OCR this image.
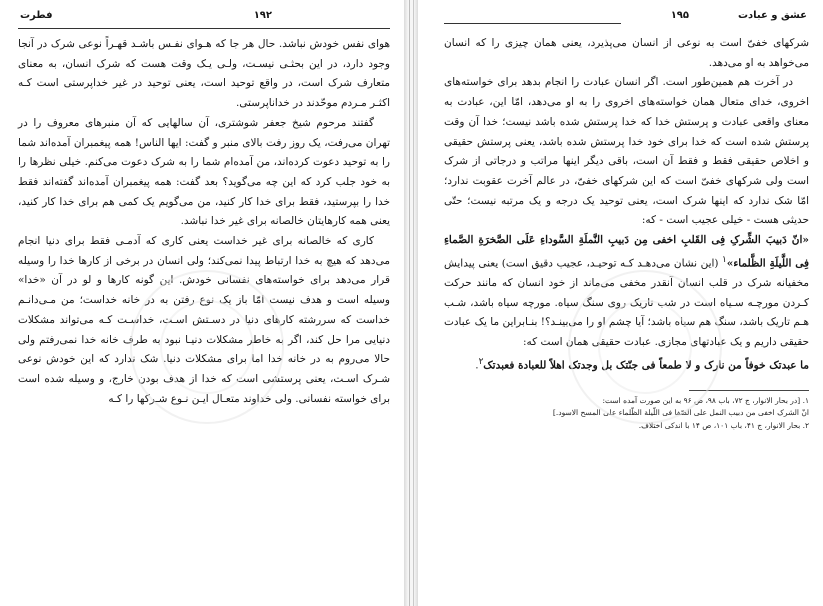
۱۹۲
فطرت

هوای نفس خودش نباشد. حال هر جا که هـوای نفـس باشـد قهـراً نوعی شرک در آنجا وجود دارد، در این بحثـی نیسـت، ولـی یـک وقت هست که شرک انسان، به معنای متعارف شرک است، در واقع توحید است، یعنی توحید در غیر خداپرستی است کـه اکثـر مـردم موحّدند در خداناپرستی.

گفتند مرحوم شیخ جعفر شوشتری، آن سالهایی که آن منبرهای معروف را در تهران می‌رفت، یک روز رفت بالای منبر و گفت: ایها الناس! همه پیغمبران آمده‌اند شما را به توحید دعوت کرده‌اند، من آمده‌ام شما را به شرک دعوت می‌کنم. خیلی نظرها را به خود جلب کرد که این چه می‌گوید؟ بعد گفت: همه پیغمبران آمده‌اند گفته‌اند فقط خدا را بپرستید، فقط برای خدا کار کنید، من می‌گویم یک کمی هم برای خدا کار کنید، یعنی همه کارهایتان خالصانه برای غیر خدا نباشد.

کاری که خالصانه برای غیر خداست یعنی کاری که آدمـی فقط برای دنیا انجام می‌دهد که هیچ به خدا ارتباط پیدا نمی‌کند؛ ولی انسان در برخی از کارها خدا را وسیله قرار می‌دهد برای خواسته‌های نفسانی خودش. این گونه کارها و لو در آن «خدا» وسیله است و هدف نیست امّا باز یک نوع رفتن به در خانه خداست؛ من مـی‌دانـم خداست که سررشته کارهای دنیا در دسـتش اسـت، خداسـت کـه می‌تواند مشکلات دنیایی مرا حل کند، اگر به خاطر مشکلات دنیـا نبود به طرف خانه خدا نمی‌رفتم ولی حالا می‌روم به در خانه خدا اما برای مشکلات دنیا. شک ندارد که این خودش نوعی شـرک اسـت، یعنی پرستشی است که خدا از هدف بودن خارج، و وسیله شده است برای خواسته نفسانی. ولی خداوند متعـال ایـن نـوع شـرکها را کـه

عشق و عبادت
۱۹۵

شرکهای خفیّ است به نوعی از انسان می‌پذیرد، یعنی همان چیزی را که انسان می‌خواهد به او می‌دهد.

در آخرت هم همین‌طور است. اگر انسان عبادت را انجام بدهد برای خواسته‌های اخروی، خدای متعال همان خواسته‌های اخروی را به او می‌دهد، امّا این، عبادت به معنای واقعی عبادت و پرستش خدا که خدا پرستش شده باشد نیست؛ خدا آن وقت پرستش شده است که خدا برای خود خدا پرستش شده باشد، یعنی پرستش حقیقی و اخلاص حقیقی فقط و فقط آن است، باقی دیگر اینها مراتب و درجاتی از شرک است ولی شرکهای خفیّ است که این شرکهای خفیّ، در عالم آخرت عقوبت ندارد؛ امّا شک ندارد که اینها شرک است، یعنی توحید یک درجه و یک مرتبه نیست؛ حتّی حدیثی هست - خیلی عجیب است - که:

«انّ دَبیبَ الشِّرکِ فِی القَلبِ اخفی مِن دَبیبِ النَّملَةِ السَّوداءِ عَلَی الصَّخرَةِ الصَّماءِ فِی اللَّیلَةِ الظَّلماء»$^۱$ (این نشان می‌دهـد کـه توحیـد، عجیب دقیق است) یعنی پیدایش مخفیانه شرک در قلب انسان آنقدر مخفی می‌ماند از خود انسان که مانند حرکت کـردن مورچـه سـیاه است در شب تاریک روی سنگ سیاه. مورچه سیاه باشد، شـب هـم تاریک باشد، سنگ هم سیاه باشد؛ آیا چشم او را می‌بینـد؟! بنـابراین ما یک عبادت حقیقی داریم و یک عبادتهای مجازی. عبادت حقیقی همان است که:

ما عبدتک خوفاً من نارک و لا طمعاً فی جنّتک بل وجدتک اهلاً للعبادة فعبدتک$^۲$.

۱. [در بحار الانوار، ج ۷۲، باب ۹۸، ص ۹۶ به این صورت آمده است:
انّ الشرک اخفی من دبیب النمل علی الصّفا فی اللّیلة الظّلماء علی المسح الاسود.]
۲. بحار الانوار، ج ۴۱، باب ۱۰۱، ص ۱۴ با اندکی اختلاف.
